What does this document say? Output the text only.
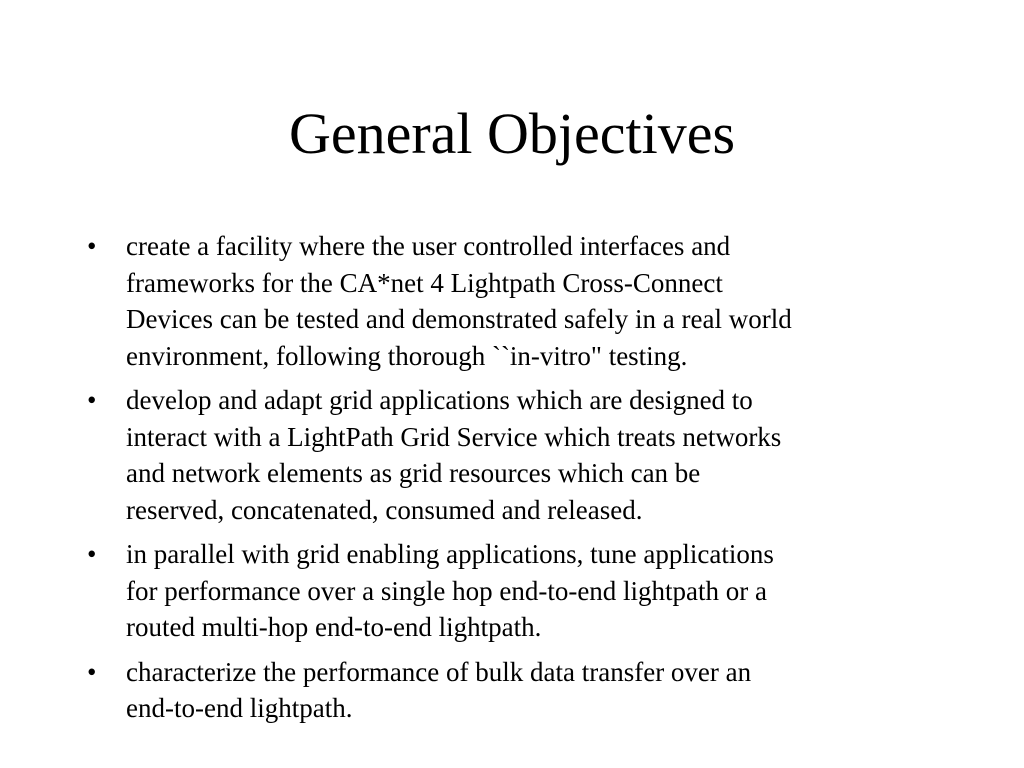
General Objectives
• create a facility where the user controlled interfaces and
frameworks for the CA*net 4 Lightpath Cross-Connect
Devices can be tested and demonstrated safely in a real world
environment, following thorough ``in-vitro" testing.
• develop and adapt grid applications which are designed to
interact with a LightPath Grid Service which treats networks
and network elements as grid resources which can be
reserved, concatenated, consumed and released.
• in parallel with grid enabling applications, tune applications
for performance over a single hop end-to-end lightpath or a
routed multi-hop end-to-end lightpath.
• characterize the performance of bulk data transfer over an
end-to-end lightpath.
